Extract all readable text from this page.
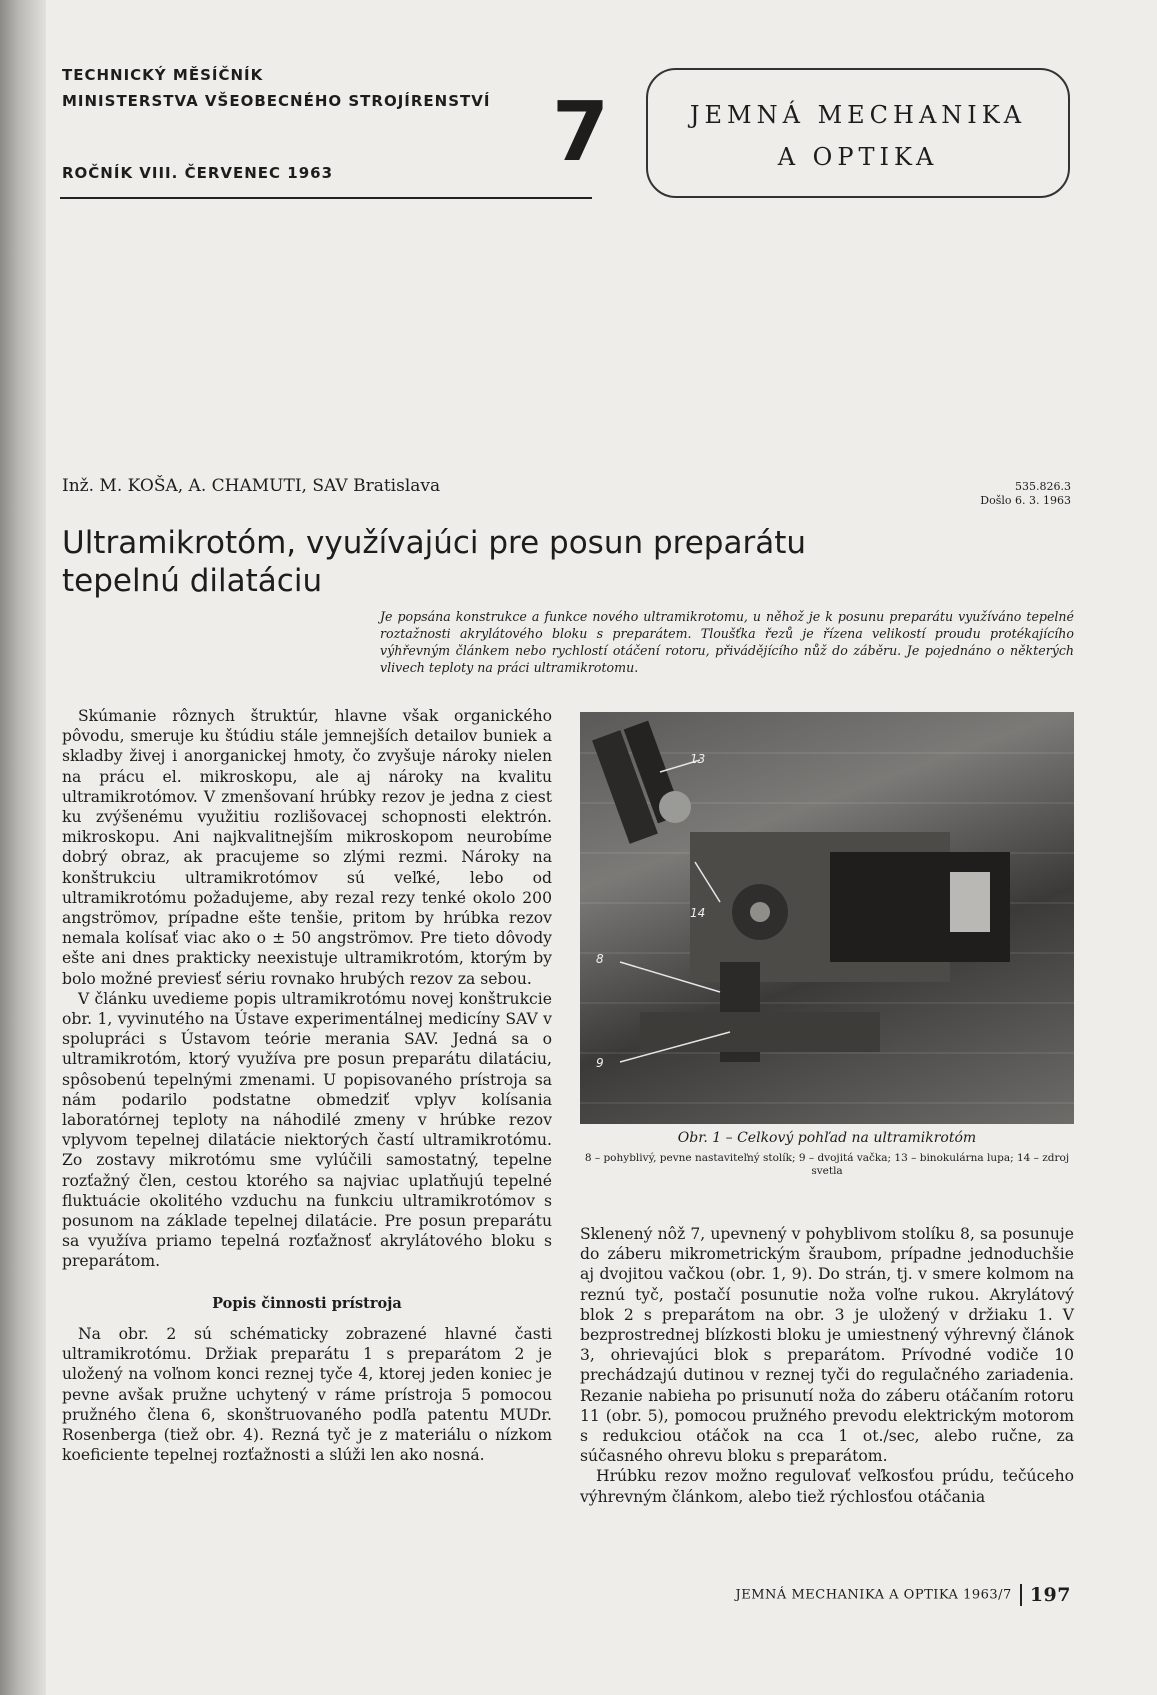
TECHNICKÝ MĚSÍČNÍK
MINISTERSTVA VŠEOBECNÉHO STROJÍRENSTVÍ
ROČNÍK VIII. ČERVENEC 1963	7	JEMNÁ MECHANIKA
A OPTIKA
Inž. M. KOŠA, A. CHAMUTI, SAV Bratislava	535.826.3
Došlo 6. 3. 1963
Ultramikrotóm, využívajúci pre posun preparátu tepelnú dilatáciu
Je popsána konstrukce a funkce nového ultramikrotomu, u něhož je k posunu preparátu využíváno tepelné roztažnosti akrylátového bloku s preparátem. Tloušťka řezů je řízena velikostí proudu protékajícího výhřevným článkem nebo rychlostí otáčení rotoru, přivádějícího nůž do záběru. Je pojednáno o některých vlivech teploty na práci ultramikrotomu.

Skúmanie rôznych štruktúr, hlavne však organického pôvodu, smeruje ku štúdiu stále jemnejších detailov buniek a skladby živej i anorganickej hmoty, čo zvyšuje nároky nielen na prácu el. mikroskopu, ale aj nároky na kvalitu ultramikrotómov. V zmenšovaní hrúbky rezov je jedna z ciest ku zvýšenému využitiu rozlišovacej schopnosti elektrón. mikroskopu. Ani najkvalitnejším mikroskopom neurobíme dobrý obraz, ak pracujeme so zlými rezmi. Nároky na konštrukciu ultramikrotómov sú veľké, lebo od ultramikrotómu požadujeme, aby rezal rezy tenké okolo 200 angströmov, prípadne ešte tenšie, pritom by hrúbka rezov nemala kolísať viac ako o ± 50 angströmov. Pre tieto dôvody ešte ani dnes prakticky neexistuje ultramikrotóm, ktorým by bolo možné previesť sériu rovnako hrubých rezov za sebou.

V článku uvedieme popis ultramikrotómu novej konštrukcie obr. 1, vyvinutého na Ústave experimentálnej medicíny SAV v spolupráci s Ústavom teórie merania SAV. Jedná sa o ultramikrotóm, ktorý využíva pre posun preparátu dilatáciu, spôsobenú tepelnými zmenami. U popisovaného prístroja sa nám podarilo podstatne obmedziť vplyv kolísania laboratórnej teploty na náhodilé zmeny v hrúbke rezov vplyvom tepelnej dilatácie niektorých častí ultramikrotómu. Zo zostavy mikrotómu sme vylúčili samostatný, tepelne rozťažný člen, cestou ktorého sa najviac uplatňujú tepelné fluktuácie okolitého vzduchu na funkciu ultramikrotómov s posunom na základe tepelnej dilatácie. Pre posun preparátu sa využíva priamo tepelná rozťažnosť akrylátového bloku s preparátom.

Popis činnosti prístroja

Na obr. 2 sú schématicky zobrazené hlavné časti ultramikrotómu. Držiak preparátu 1 s preparátom 2 je uložený na voľnom konci reznej tyče 4, ktorej jeden koniec je pevne avšak pružne uchytený v ráme prístroja 5 pomocou pružného člena 6, skonštruovaného podľa patentu MUDr. Rosenberga (tiež obr. 4). Rezná tyč je z materiálu o nízkom koeficiente tepelnej rozťažnosti a slúži len ako nosná.

13
14
8
9
Obr. 1 – Celkový pohľad na ultramikrotóm
8 – pohyblivý, pevne nastaviteľný stolík; 9 – dvojitá vačka; 13 – binokulárna lupa; 14 – zdroj svetla

Sklenený nôž 7, upevnený v pohyblivom stolíku 8, sa posunuje do záberu mikrometrickým šraubom, prípadne jednoduchšie aj dvojitou vačkou (obr. 1, 9). Do strán, tj. v smere kolmom na reznú tyč, postačí posunutie noža voľne rukou. Akrylátový blok 2 s preparátom na obr. 3 je uložený v držiaku 1. V bezprostrednej blízkosti bloku je umiestnený výhrevný článok 3, ohrievajúci blok s preparátom. Prívodné vodiče 10 prechádzajú dutinou v reznej tyči do regulačného zariadenia. Rezanie nabieha po prisunutí noža do záberu otáčaním rotoru 11 (obr. 5), pomocou pružného prevodu elektrickým motorom s redukciou otáčok na cca 1 ot./sec, alebo ručne, za súčasného ohrevu bloku s preparátom.

Hrúbku rezov možno regulovať veľkosťou prúdu, tečúceho výhrevným článkom, alebo tiež rýchlosťou otáčania

JEMNÁ MECHANIKA A OPTIKA 1963/7 197
